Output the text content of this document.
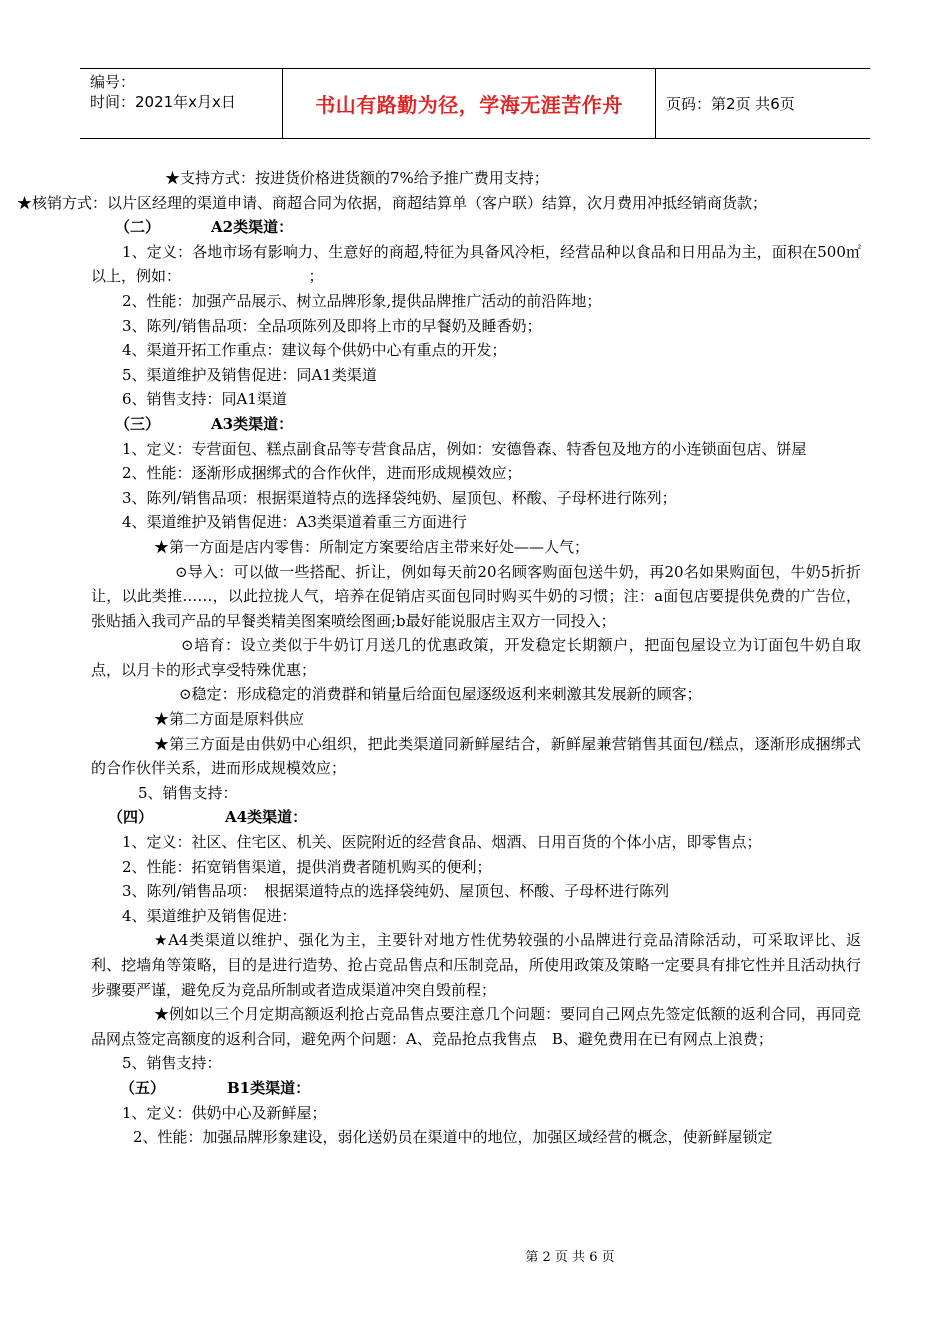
编号：
时间：2021年x月x日	书山有路勤为径，学海无涯苦作舟	页码：第2页 共6页

★支持方式：按进货价格进货额的7%给予推广费用支持；

★核销方式：以片区经理的渠道申请、商超合同为依据，商超结算单（客户联）结算，次月费用冲抵经销商货款；

（二）	A2类渠道：

1、定义：各地市场有影响力、生意好的商超,特征为具备风冷柜，经营品种以食品和日用品为主，面积在500㎡以上，例如：　　　　　　　　　；

2、性能：加强产品展示、树立品牌形象,提供品牌推广活动的前沿阵地；

3、陈列/销售品项：全品项陈列及即将上市的早餐奶及睡香奶；

4、渠道开拓工作重点：建议每个供奶中心有重点的开发；

5、渠道维护及销售促进：同A1类渠道

6、销售支持：同A1渠道

（三）	A3类渠道：

1、定义：专营面包、糕点副食品等专营食品店，例如：安德鲁森、特香包及地方的小连锁面包店、饼屋

2、性能：逐渐形成捆绑式的合作伙伴，进而形成规模效应；

3、陈列/销售品项：根据渠道特点的选择袋纯奶、屋顶包、杯酸、子母杯进行陈列；

4、渠道维护及销售促进：A3类渠道着重三方面进行

★第一方面是店内零售：所制定方案要给店主带来好处——人气；

⊙导入：可以做一些搭配、折让，例如每天前20名顾客购面包送牛奶，再20名如果购面包，牛奶5折折让，以此类推……，以此拉拢人气，培养在促销店买面包同时购买牛奶的习惯；注：a面包店要提供免费的广告位，张贴插入我司产品的早餐类精美图案喷绘图画;b最好能说服店主双方一同投入；

⊙培育：设立类似于牛奶订月送几的优惠政策，开发稳定长期额户，把面包屋设立为订面包牛奶自取点，以月卡的形式享受特殊优惠；

⊙稳定：形成稳定的消费群和销量后给面包屋逐级返利来刺激其发展新的顾客；

★第二方面是原料供应

★第三方面是由供奶中心组织，把此类渠道同新鲜屋结合，新鲜屋兼营销售其面包/糕点，逐渐形成捆绑式的合作伙伴关系，进而形成规模效应；

5、销售支持：

（四）	A4类渠道：

1、定义：社区、住宅区、机关、医院附近的经营食品、烟酒、日用百货的个体小店，即零售点；

2、性能：拓宽销售渠道，提供消费者随机购买的便利；

3、陈列/销售品项：　根据渠道特点的选择袋纯奶、屋顶包、杯酸、子母杯进行陈列

4、渠道维护及销售促进：

★A4类渠道以维护、强化为主，主要针对地方性优势较强的小品牌进行竞品清除活动，可采取评比、返利、挖墙角等策略，目的是进行造势、抢占竞品售点和压制竞品，所使用政策及策略一定要具有排它性并且活动执行步骤要严谨，避免反为竞品所制或者造成渠道冲突自毁前程；

★例如以三个月定期高额返利抢占竞品售点要注意几个问题：要同自己网点先签定低额的返利合同，再同竞品网点签定高额度的返利合同，避免两个问题：A、竞品抢点我售点　B、避免费用在已有网点上浪费；

5、销售支持：

（五）	B1类渠道：

1、定义：供奶中心及新鲜屋；

2、性能：加强品牌形象建设，弱化送奶员在渠道中的地位，加强区域经营的概念，使新鲜屋锁定

第 2 页 共 6 页
